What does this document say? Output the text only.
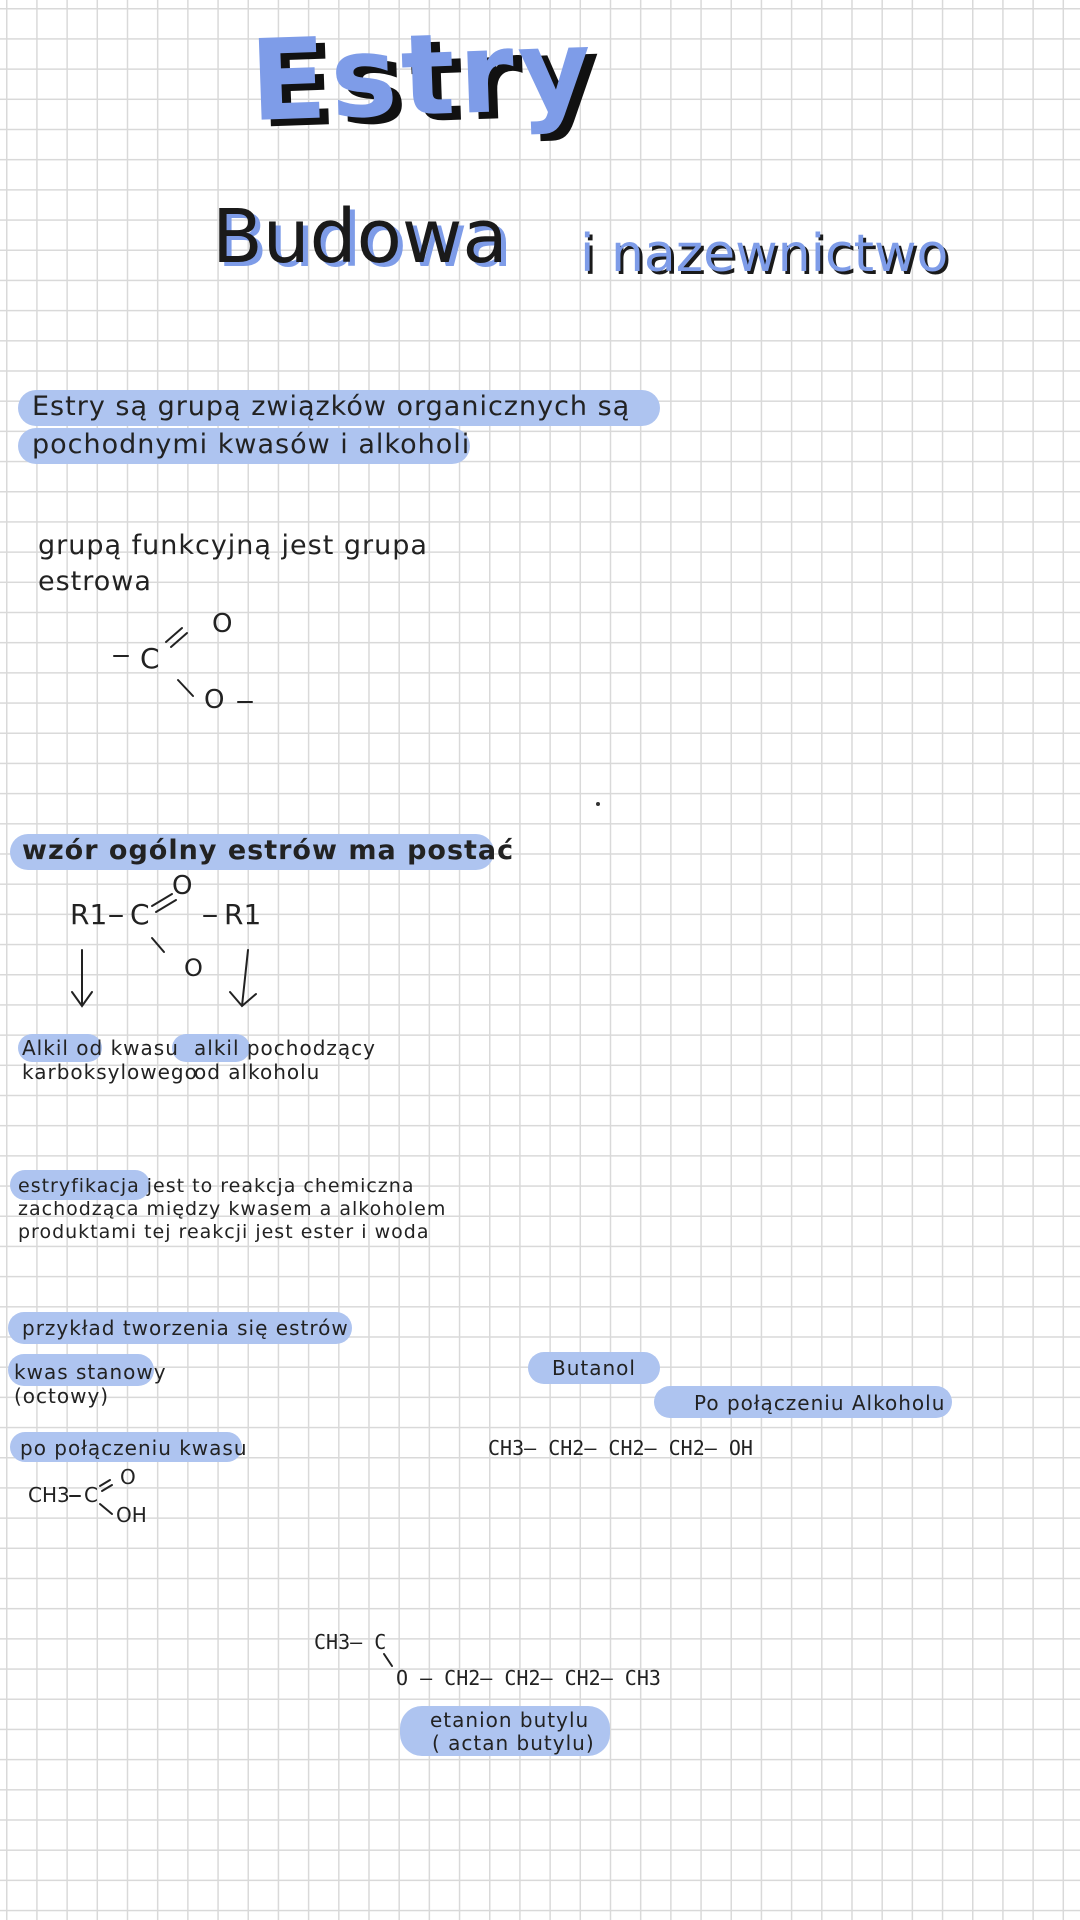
Estry
Budowa i nazewnictwo
Estry są grupą związków organicznych są
pochodnymi kwasów i alkoholi
grupą funkcyjną jest grupa
estrowa
C
O
O
wzór ogólny estrów ma postać
R1 C
O
R1
O
Alkil od kwasu
karboksylowego
alkil pochodzący
od alkoholu
estryfikacja jest to reakcja chemiczna
zachodząca między kwasem a alkoholem
produktami tej reakcji jest ester i woda
przykład tworzenia się estrów
kwas stanowy
(octowy)
po połączeniu kwasu
CH3 C
O
OH
Butanol
Po połączeniu Alkoholu
CH3– CH2– CH2– CH2– OH
CH3– C
O – CH2– CH2– CH2– CH3
etanion butylu
( actan butylu)
